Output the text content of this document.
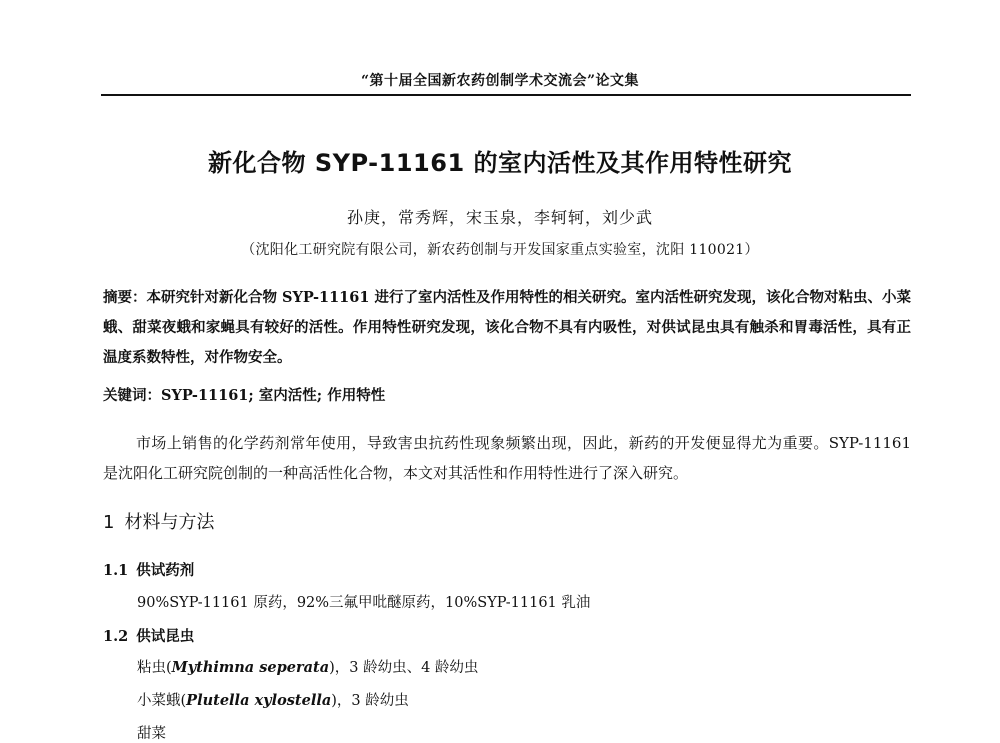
“第十届全国新农药创制学术交流会”论文集
新化合物 SYP-11161 的室内活性及其作用特性研究
孙庚，常秀辉，宋玉泉，李轲轲，刘少武
（沈阳化工研究院有限公司，新农药创制与开发国家重点实验室，沈阳 110021）
摘要：本研究针对新化合物 SYP-11161 进行了室内活性及作用特性的相关研究。室内活性研究发现，该化合物对粘虫、小菜蛾、甜菜夜蛾和家蝇具有较好的活性。作用特性研究发现，该化合物不具有内吸性，对供试昆虫具有触杀和胃毒活性，具有正温度系数特性，对作物安全。
关键词：SYP-11161; 室内活性; 作用特性
市场上销售的化学药剂常年使用，导致害虫抗药性现象频繁出现，因此，新药的开发便显得尤为重要。SYP-11161 是沈阳化工研究院创制的一种高活性化合物，本文对其活性和作用特性进行了深入研究。
1 材料与方法
1.1 供试药剂
90%SYP-11161 原药，92%三氟甲吡醚原药，10%SYP-11161 乳油
1.2 供试昆虫
粘虫(Mythimna seperata)，3 龄幼虫、4 龄幼虫
小菜蛾(Plutella xylostella)，3 龄幼虫
甜菜
